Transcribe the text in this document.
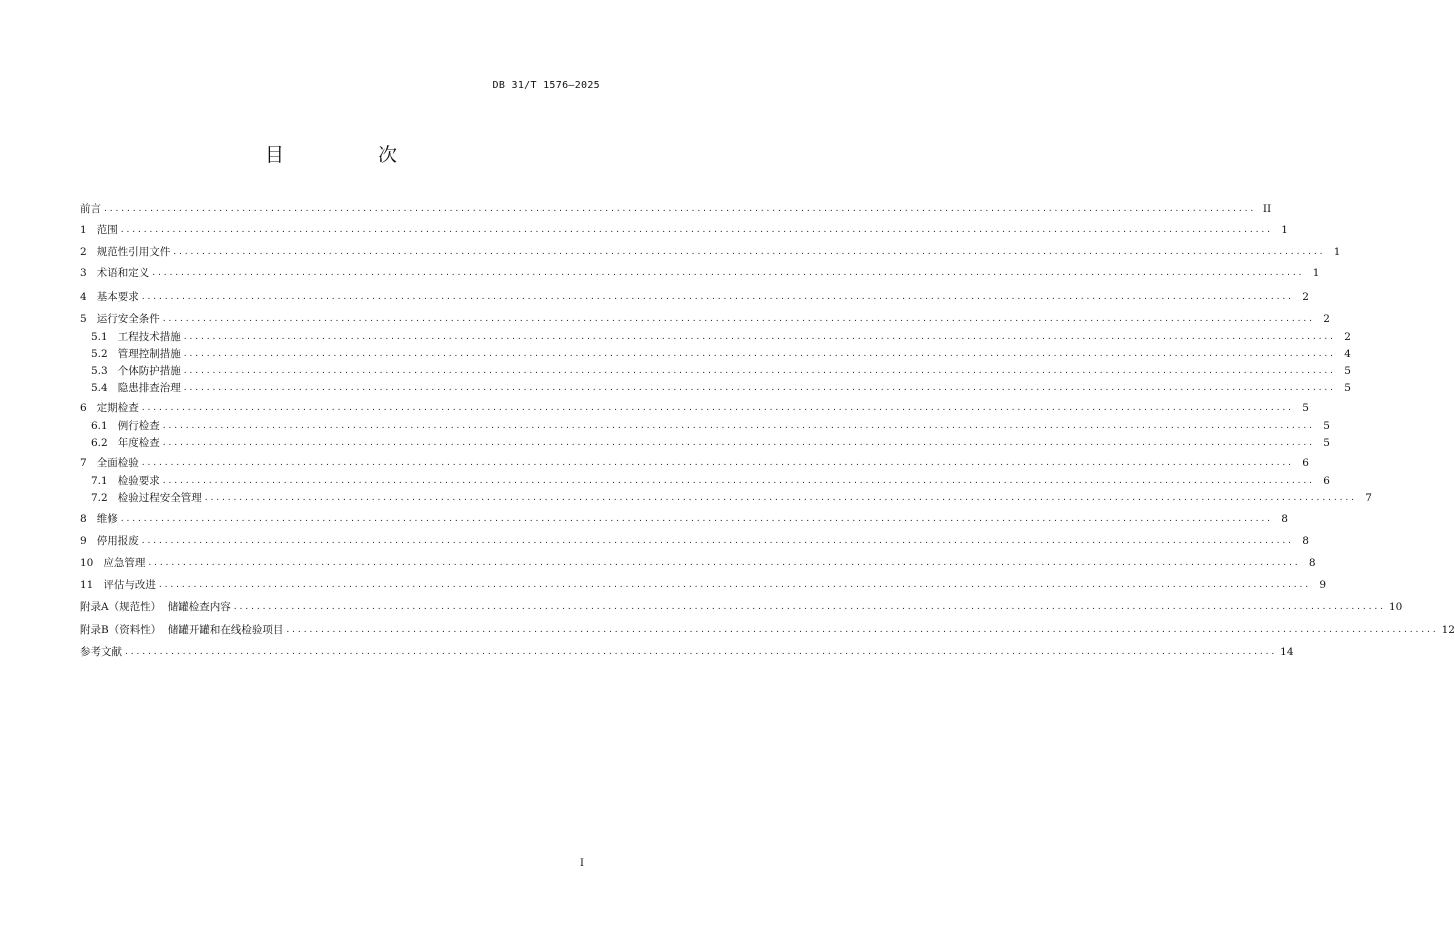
DB 31/T 1576—2025
目 次
前言 ........................................................................................................................................................................................................ II
1
范围 ........................................................................................................................................................................................................ 1
2
规范性引用文件 ........................................................................................................................................................................................................ 1
3
术语和定义 ........................................................................................................................................................................................................ 1
4
基本要求 ........................................................................................................................................................................................................ 2
5
运行安全条件 ........................................................................................................................................................................................................ 2
5.1
工程技术措施 ........................................................................................................................................................................................................ 2
5.2
管理控制措施 ........................................................................................................................................................................................................ 4
5.3
个体防护措施 ........................................................................................................................................................................................................ 5
5.4
隐患排查治理 ........................................................................................................................................................................................................ 5
6
定期检查 ........................................................................................................................................................................................................ 5
6.1
例行检查 ........................................................................................................................................................................................................ 5
6.2
年度检查 ........................................................................................................................................................................................................ 5
7
全面检验 ........................................................................................................................................................................................................ 6
7.1
检验要求 ........................................................................................................................................................................................................ 6
7.2
检验过程安全管理 ........................................................................................................................................................................................................ 7
8
维修 ........................................................................................................................................................................................................ 8
9
停用报废 ........................................................................................................................................................................................................ 8
10
应急管理 ........................................................................................................................................................................................................ 8
11
评估与改进 ........................................................................................................................................................................................................ 9
附录A（规范性）
储罐检查内容 ........................................................................................................................................................................................................ 10
附录B（资料性）
储罐开罐和在线检验项目 ........................................................................................................................................................................................................ 12
参考文献 ........................................................................................................................................................................................................ 14
I
